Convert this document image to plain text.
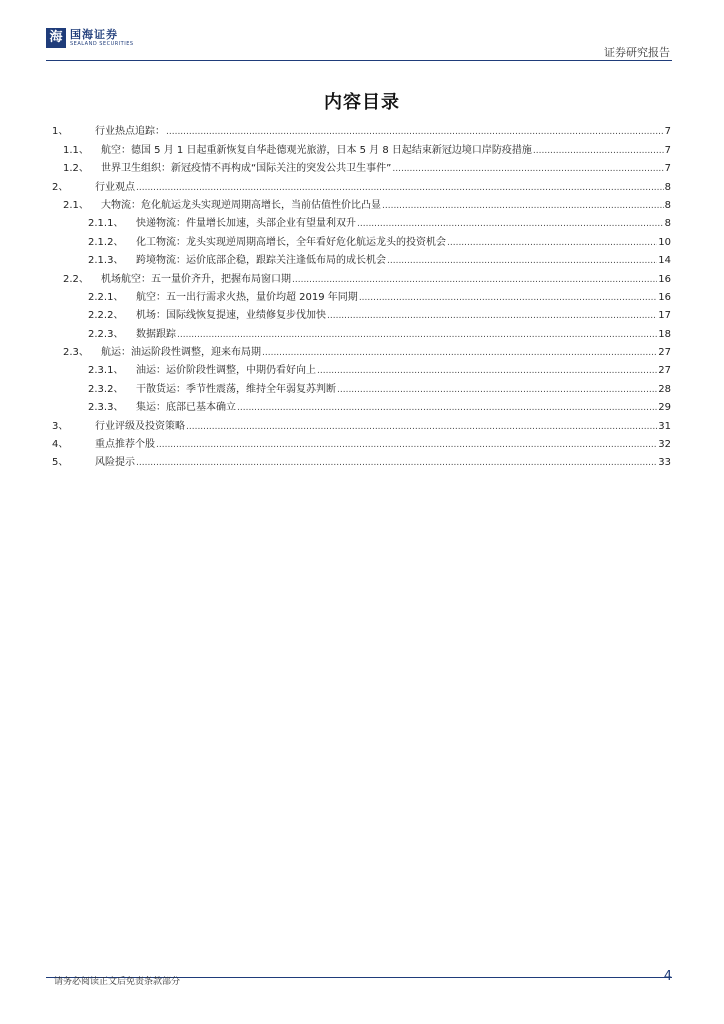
海 国海证券
SEALAND SECURITIES
证券研究报告
内容目录
1、	行业热点追踪： .....	7
1.1、	航空：德国 5 月 1 日起重新恢复自华赴德观光旅游，日本 5 月 8 日起结束新冠边境口岸防疫措施 .....	7
1.2、	世界卫生组织：新冠疫情不再构成“国际关注的突发公共卫生事件” .....	7
2、	行业观点 .....	8
2.1、	大物流：危化航运龙头实现逆周期高增长，当前估值性价比凸显 .....	8
2.1.1、	快递物流：件量增长加速，头部企业有望量利双升 .....	8
2.1.2、	化工物流：龙头实现逆周期高增长，全年看好危化航运龙头的投资机会 .....	10
2.1.3、	跨境物流：运价底部企稳，跟踪关注逢低布局的成长机会 .....	14
2.2、	机场航空：五一量价齐升，把握布局窗口期 .....	16
2.2.1、	航空：五一出行需求火热，量价均超 2019 年同期 .....	16
2.2.2、	机场：国际线恢复提速，业绩修复步伐加快 .....	17
2.2.3、	数据跟踪 .....	18
2.3、	航运：油运阶段性调整，迎来布局期 .....	27
2.3.1、	油运：运价阶段性调整，中期仍看好向上 .....	27
2.3.2、	干散货运：季节性震荡，维持全年弱复苏判断 .....	28
2.3.3、	集运：底部已基本确立 .....	29
3、	行业评级及投资策略 .....	31
4、	重点推荐个股 .....	32
5、	风险提示 .....	33
请务必阅读正文后免责条款部分	4
